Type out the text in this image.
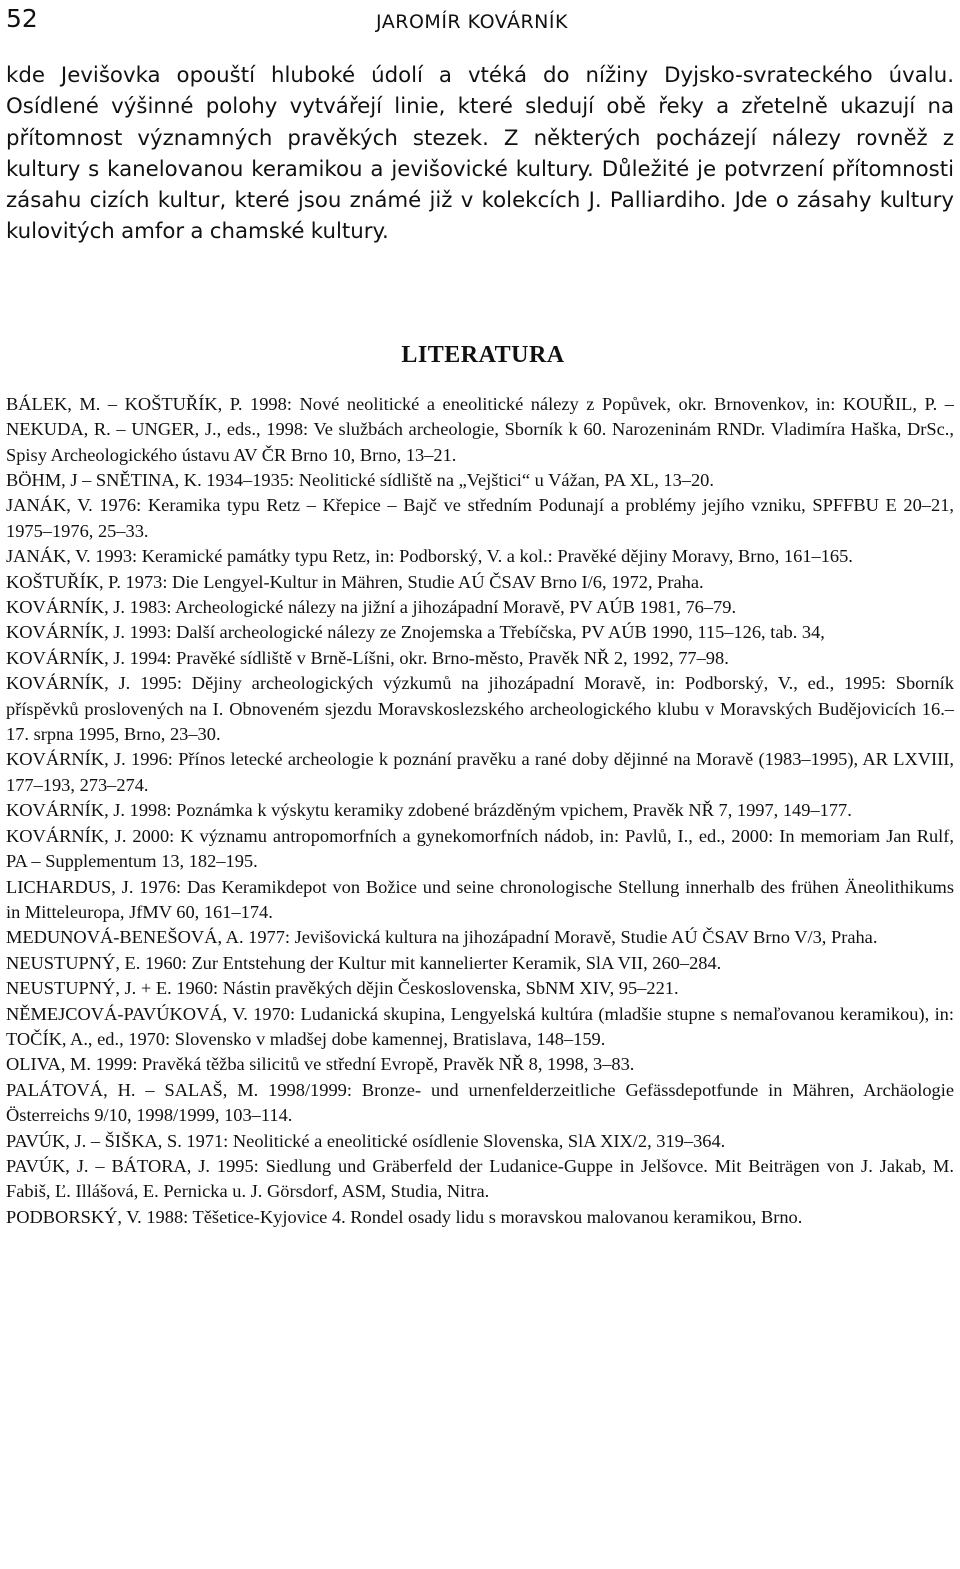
52	JAROMÍR KOVÁRNÍK

kde Jevišovka opouští hluboké údolí a vtéká do nížiny Dyjsko-svrateckého úvalu. Osídlené výšinné polohy vytvářejí linie, které sledují obě řeky a zřetelně ukazují na přítomnost významných pravěkých stezek. Z některých pocházejí nálezy rovněž z kultury s kanelovanou keramikou a jevišovické kultury. Důležité je potvrzení přítomnosti zásahu cizích kultur, které jsou známé již v kolekcích J. Palliardiho. Jde o zásahy kultury kulovitých amfor a chamské kultury.

LITERATURA
BÁLEK, M. – KOŠTUŘÍK, P. 1998: Nové neolitické a eneolitické nálezy z Popůvek, okr. Brnovenkov, in: KOUŘIL, P. – NEKUDA, R. – UNGER, J., eds., 1998: Ve službách archeologie, Sborník k 60. Narozeninám RNDr. Vladimíra Haška, DrSc., Spisy Archeologického ústavu AV ČR Brno 10, Brno, 13–21.
BÖHM, J – SNĚTINA, K. 1934–1935: Neolitické sídliště na „Vejštici“ u Vážan, PA XL, 13–20.
JANÁK, V. 1976: Keramika typu Retz – Křepice – Bajč ve středním Podunají a problémy jejího vzniku, SPFFBU E 20–21, 1975–1976, 25–33.
JANÁK, V. 1993: Keramické památky typu Retz, in: Podborský, V. a kol.: Pravěké dějiny Moravy, Brno, 161–165.
KOŠTUŘÍK, P. 1973: Die Lengyel-Kultur in Mähren, Studie AÚ ČSAV Brno I/6, 1972, Praha.
KOVÁRNÍK, J. 1983: Archeologické nálezy na jižní a jihozápadní Moravě, PV AÚB 1981, 76–79.
KOVÁRNÍK, J. 1993: Další archeologické nálezy ze Znojemska a Třebíčska, PV AÚB 1990, 115–126, tab. 34,
KOVÁRNÍK, J. 1994: Pravěké sídliště v Brně-Líšni, okr. Brno-město, Pravěk NŘ 2, 1992, 77–98.
KOVÁRNÍK, J. 1995: Dějiny archeologických výzkumů na jihozápadní Moravě, in: Podborský, V., ed., 1995: Sborník příspěvků proslovených na I. Obnoveném sjezdu Moravskoslezského archeologického klubu v Moravských Budějovicích 16.–17. srpna 1995, Brno, 23–30.
KOVÁRNÍK, J. 1996: Přínos letecké archeologie k poznání pravěku a rané doby dějinné na Moravě (1983–1995), AR LXVIII, 177–193, 273–274.
KOVÁRNÍK, J. 1998: Poznámka k výskytu keramiky zdobené brázděným vpichem, Pravěk NŘ 7, 1997, 149–177.
KOVÁRNÍK, J. 2000: K významu antropomorfních a gynekomorfních nádob, in: Pavlů, I., ed., 2000: In memoriam Jan Rulf, PA – Supplementum 13, 182–195.
LICHARDUS, J. 1976: Das Keramikdepot von Božice und seine chronologische Stellung innerhalb des frühen Äneolithikums in Mitteleuropa, JfMV 60, 161–174.
MEDUNOVÁ-BENEŠOVÁ, A. 1977: Jevišovická kultura na jihozápadní Moravě, Studie AÚ ČSAV Brno V/3, Praha.
NEUSTUPNÝ, E. 1960: Zur Entstehung der Kultur mit kannelierter Keramik, SlA VII, 260–284.
NEUSTUPNÝ, J. + E. 1960: Nástin pravěkých dějin Československa, SbNM XIV, 95–221.
NĚMEJCOVÁ-PAVÚKOVÁ, V. 1970: Ludanická skupina, Lengyelská kultúra (mladšie stupne s nemaľovanou keramikou), in: TOČÍK, A., ed., 1970: Slovensko v mladšej dobe kamennej, Bratislava, 148–159.
OLIVA, M. 1999: Pravěká těžba silicitů ve střední Evropě, Pravěk NŘ 8, 1998, 3–83.
PALÁTOVÁ, H. – SALAŠ, M. 1998/1999: Bronze- und urnenfelderzeitliche Gefässdepotfunde in Mähren, Archäologie Österreichs 9/10, 1998/1999, 103–114.
PAVÚK, J. – ŠIŠKA, S. 1971: Neolitické a eneolitické osídlenie Slovenska, SlA XIX/2, 319–364.
PAVÚK, J. – BÁTORA, J. 1995: Siedlung und Gräberfeld der Ludanice-Guppe in Jelšovce. Mit Beiträgen von J. Jakab, M. Fabiš, Ľ. Illášová, E. Pernicka u. J. Görsdorf, ASM, Studia, Nitra.
PODBORSKÝ, V. 1988: Těšetice-Kyjovice 4. Rondel osady lidu s moravskou malovanou keramikou, Brno.
